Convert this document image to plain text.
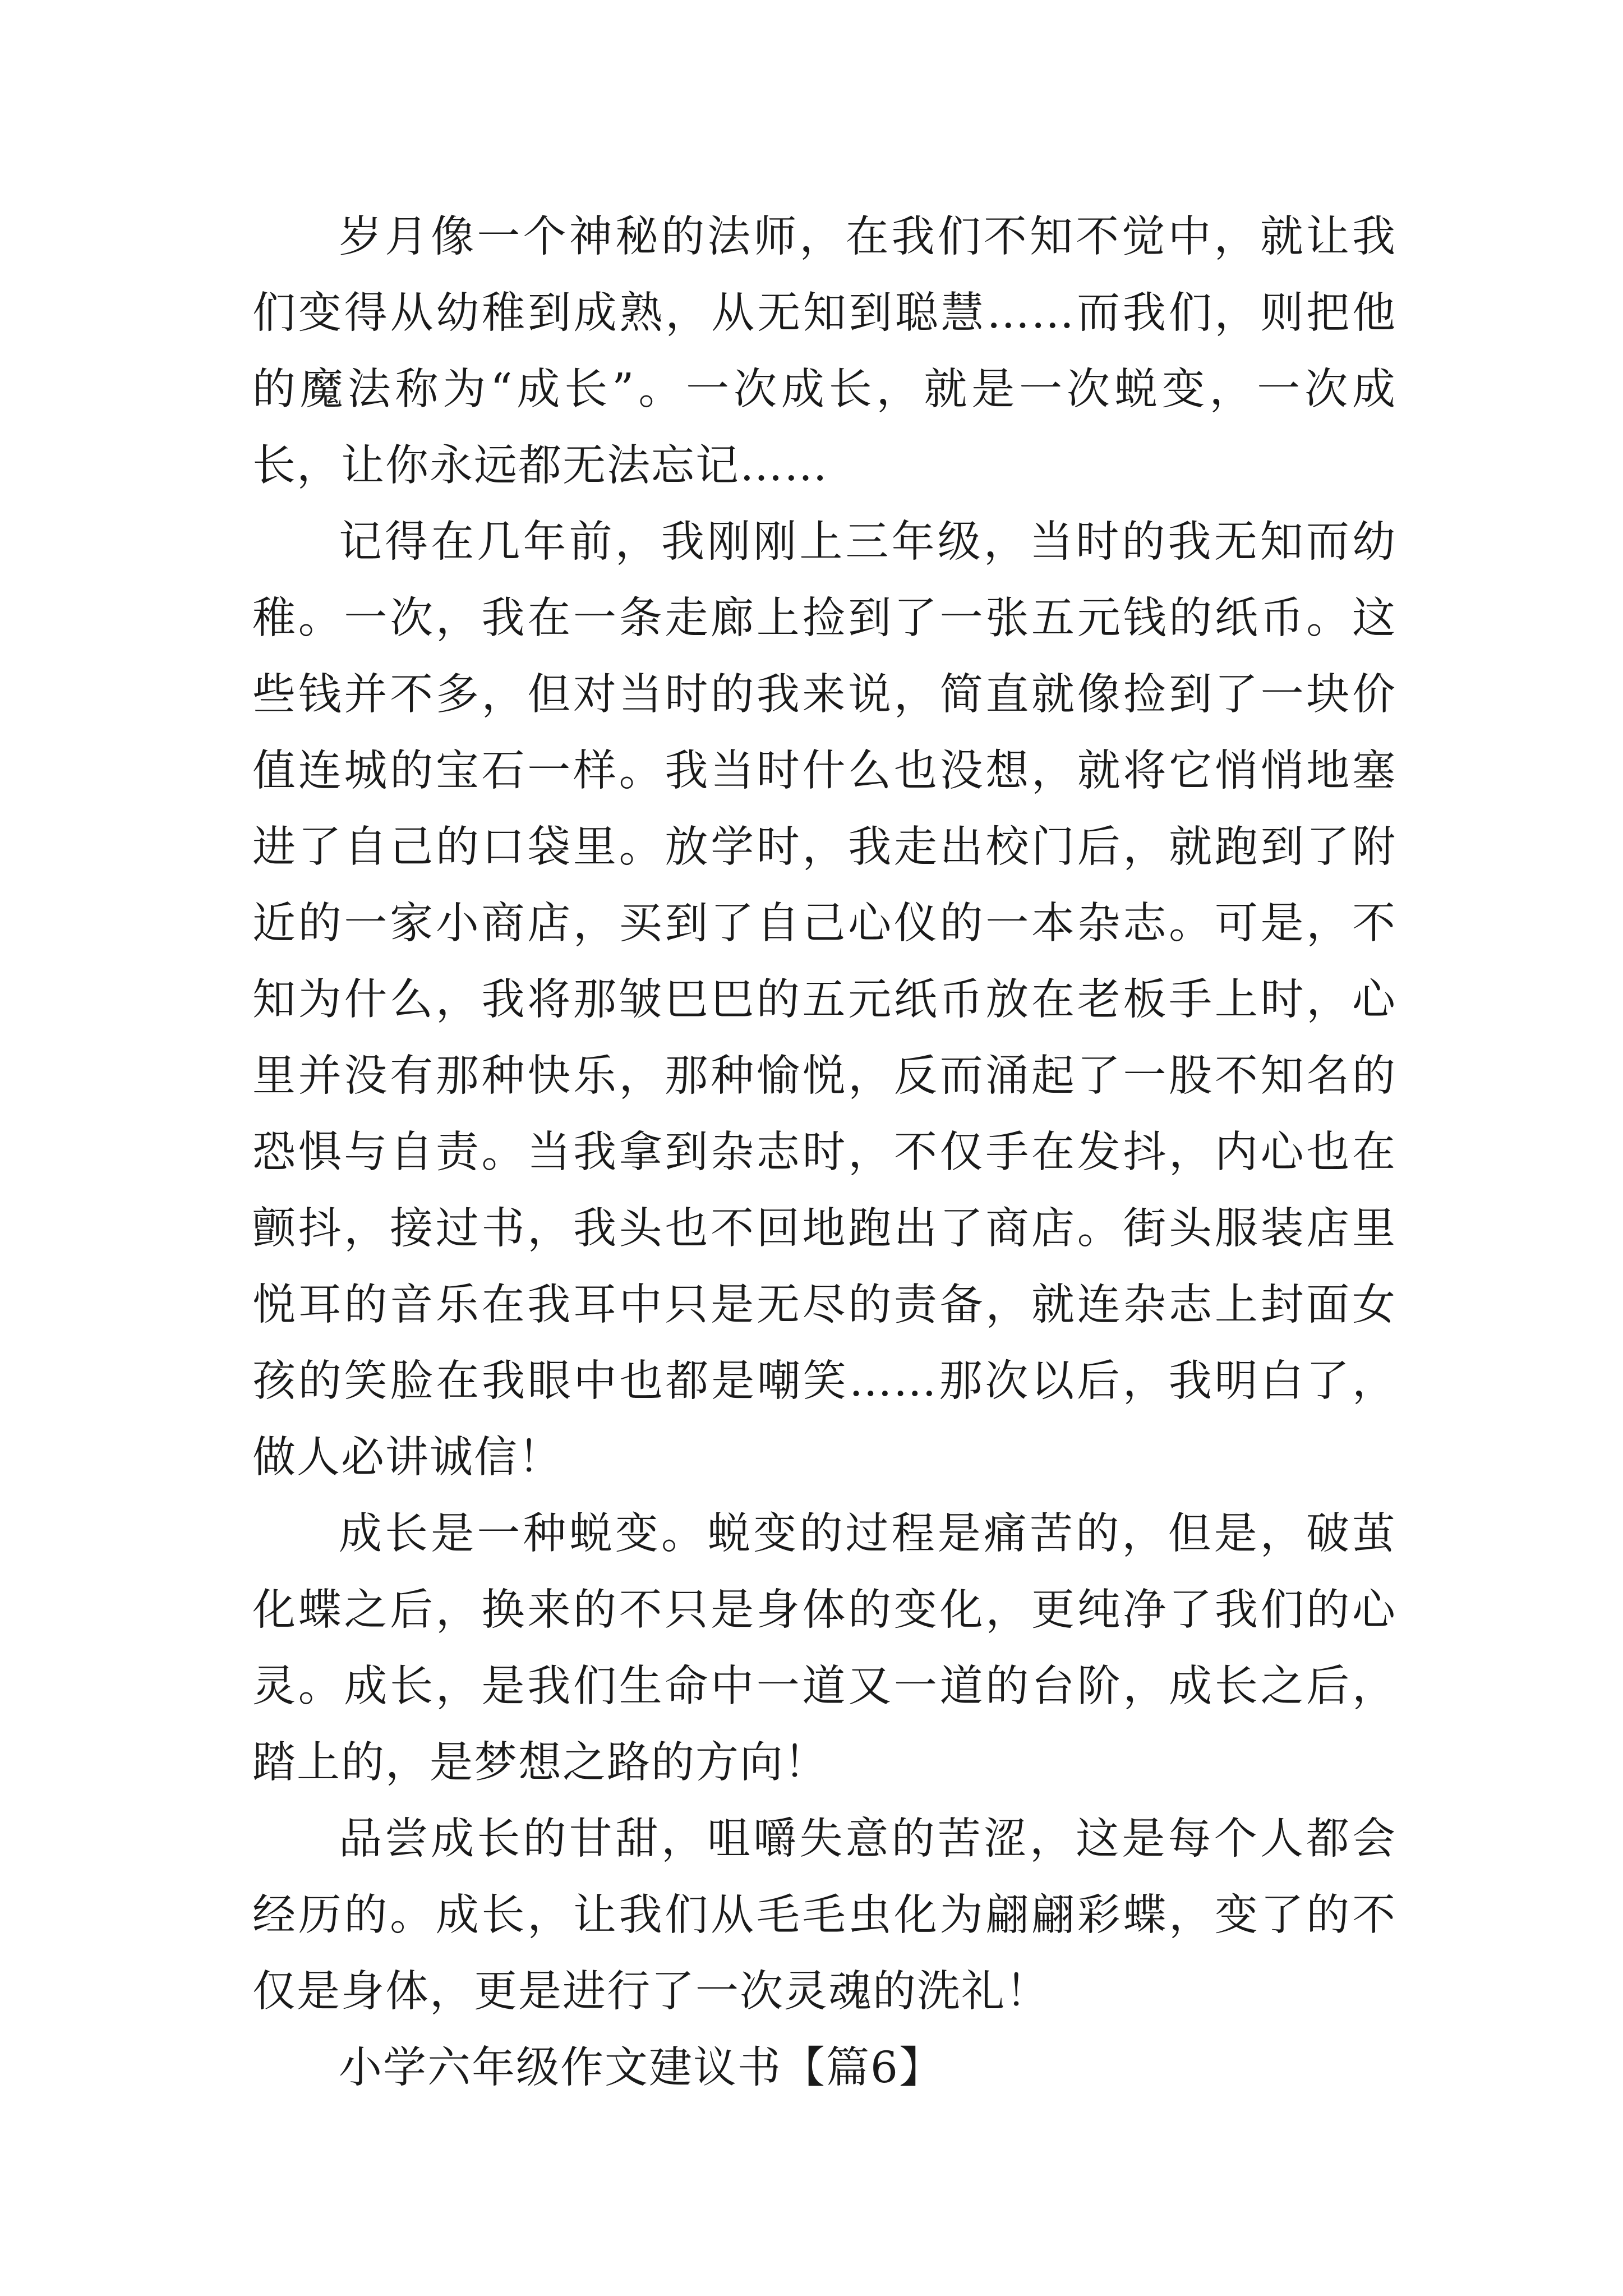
岁月像一个神秘的法师，在我们不知不觉中，就让我们变得从幼稚到成熟，从无知到聪慧……而我们，则把他的魔法称为“成长”。一次成长，就是一次蜕变，一次成长，让你永远都无法忘记……

记得在几年前，我刚刚上三年级，当时的我无知而幼稚。一次，我在一条走廊上捡到了一张五元钱的纸币。这些钱并不多，但对当时的我来说，简直就像捡到了一块价值连城的宝石一样。我当时什么也没想，就将它悄悄地塞进了自己的口袋里。放学时，我走出校门后，就跑到了附近的一家小商店，买到了自己心仪的一本杂志。可是，不知为什么，我将那皱巴巴的五元纸币放在老板手上时，心里并没有那种快乐，那种愉悦，反而涌起了一股不知名的恐惧与自责。当我拿到杂志时，不仅手在发抖，内心也在颤抖，接过书，我头也不回地跑出了商店。街头服装店里悦耳的音乐在我耳中只是无尽的责备，就连杂志上封面女孩的笑脸在我眼中也都是嘲笑……那次以后，我明白了，做人必讲诚信！

成长是一种蜕变。蜕变的过程是痛苦的，但是，破茧化蝶之后，换来的不只是身体的变化，更纯净了我们的心灵。成长，是我们生命中一道又一道的台阶，成长之后，踏上的，是梦想之路的方向！

品尝成长的甘甜，咀嚼失意的苦涩，这是每个人都会经历的。成长，让我们从毛毛虫化为翩翩彩蝶，变了的不仅是身体，更是进行了一次灵魂的洗礼！

小学六年级作文建议书【篇6】
